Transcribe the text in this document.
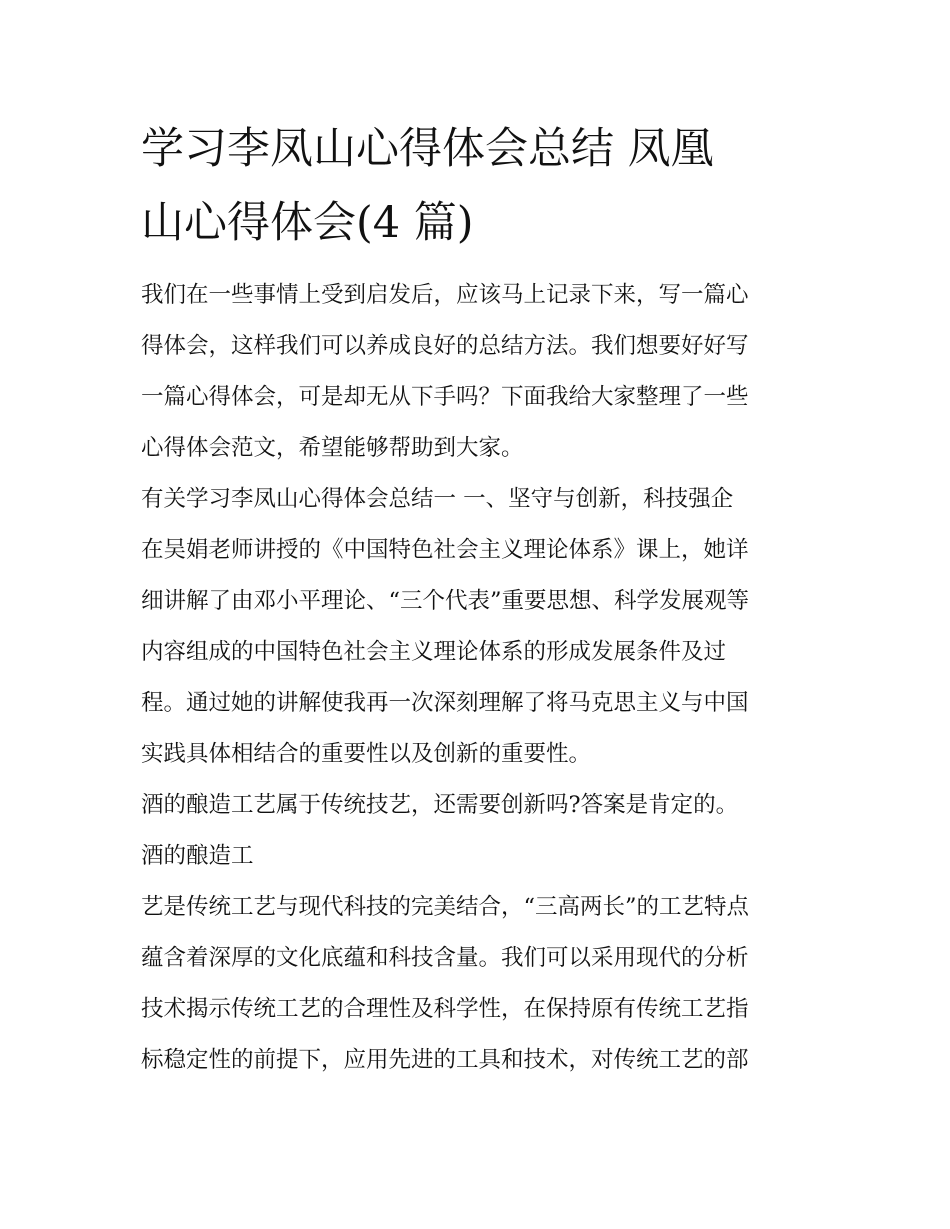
学习李凤山心得体会总结 凤凰
山心得体会(4 篇)
我们在一些事情上受到启发后，应该马上记录下来，写一篇心
得体会，这样我们可以养成良好的总结方法。我们想要好好写
一篇心得体会，可是却无从下手吗？下面我给大家整理了一些
心得体会范文，希望能够帮助到大家。
有关学习李凤山心得体会总结一 一、坚守与创新，科技强企
在吴娟老师讲授的《中国特色社会主义理论体系》课上，她详
细讲解了由邓小平理论、“三个代表”重要思想、科学发展观等
内容组成的中国特色社会主义理论体系的形成发展条件及过
程。通过她的讲解使我再一次深刻理解了将马克思主义与中国
实践具体相结合的重要性以及创新的重要性。
酒的酿造工艺属于传统技艺，还需要创新吗?答案是肯定的。
酒的酿造工
艺是传统工艺与现代科技的完美结合，“三高两长”的工艺特点
蕴含着深厚的文化底蕴和科技含量。我们可以采用现代的分析
技术揭示传统工艺的合理性及科学性，在保持原有传统工艺指
标稳定性的前提下，应用先进的工具和技术，对传统工艺的部
